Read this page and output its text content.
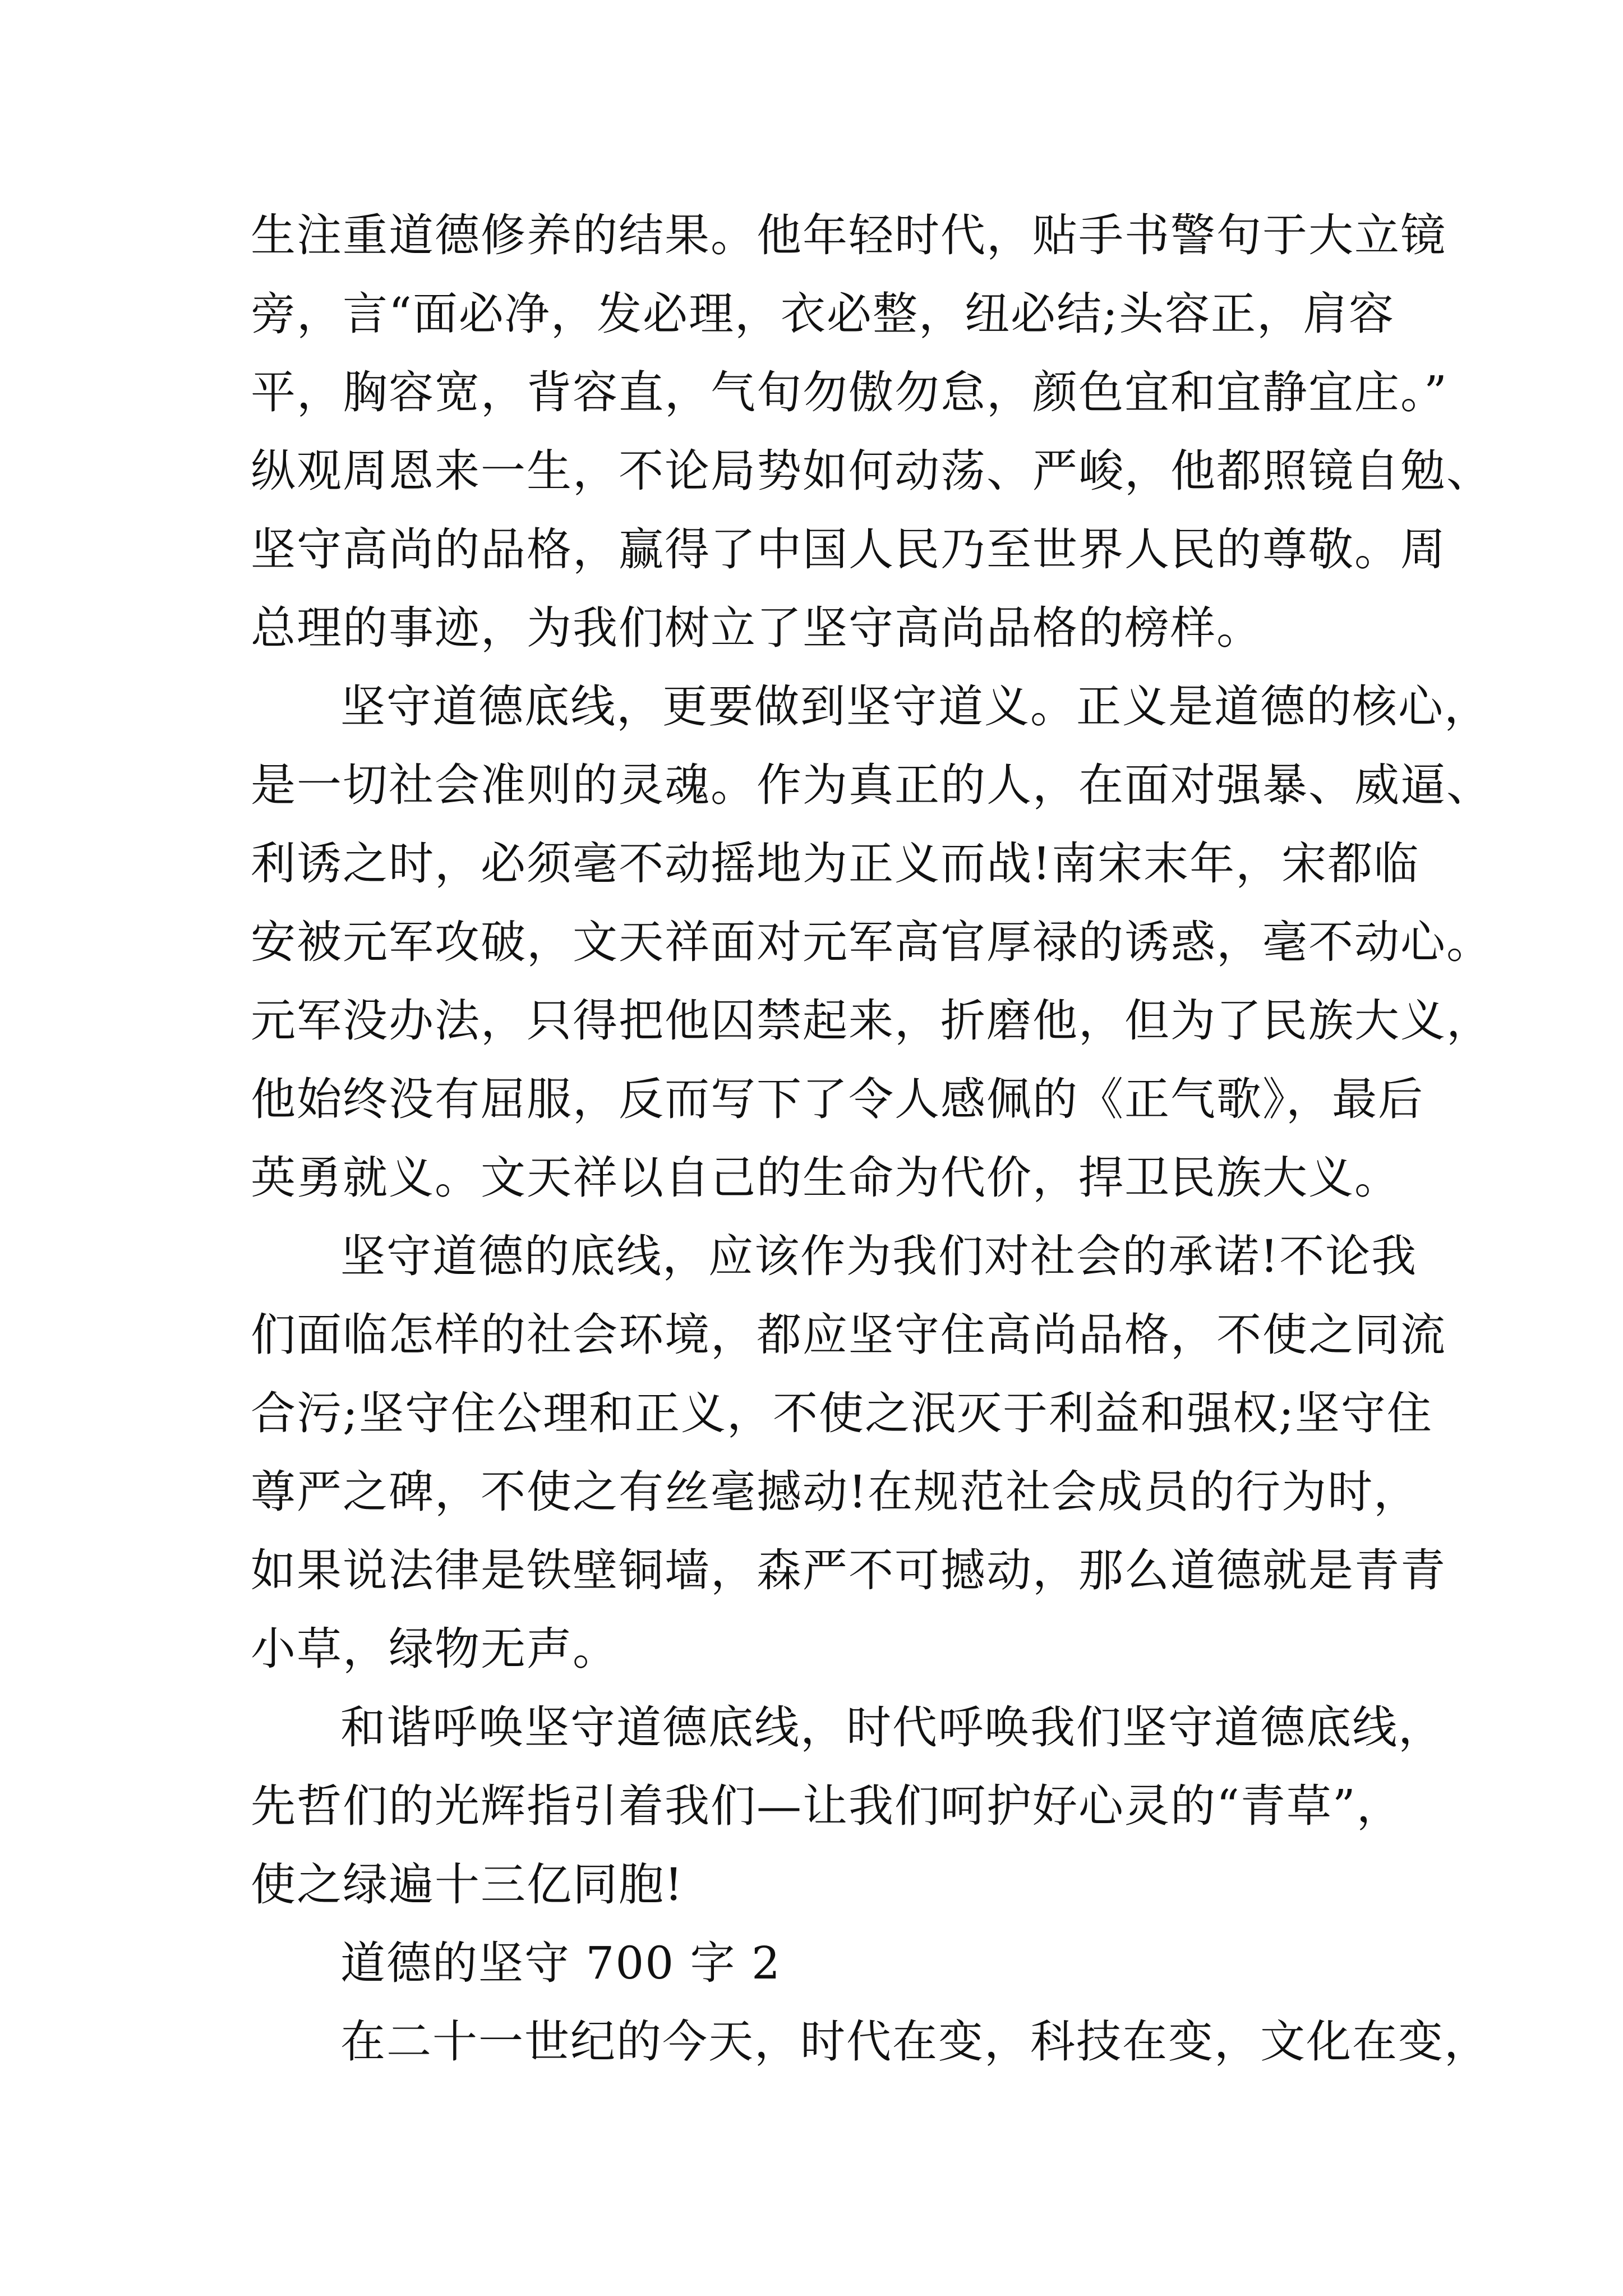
生注重道德修养的结果。他年轻时代，贴手书警句于大立镜
旁，言“面必净，发必理，衣必整，纽必结;头容正，肩容
平，胸容宽，背容直，气旬勿傲勿怠，颜色宜和宜静宜庄。”
纵观周恩来一生，不论局势如何动荡、严峻，他都照镜自勉、
坚守高尚的品格，赢得了中国人民乃至世界人民的尊敬。周
总理的事迹，为我们树立了坚守高尚品格的榜样。
坚守道德底线，更要做到坚守道义。正义是道德的核心，
是一切社会准则的灵魂。作为真正的人，在面对强暴、威逼、
利诱之时，必须毫不动摇地为正义而战!南宋末年，宋都临
安被元军攻破，文天祥面对元军高官厚禄的诱惑，毫不动心。
元军没办法，只得把他囚禁起来，折磨他，但为了民族大义，
他始终没有屈服，反而写下了令人感佩的《正气歌》，最后
英勇就义。文天祥以自己的生命为代价，捍卫民族大义。
坚守道德的底线，应该作为我们对社会的承诺!不论我
们面临怎样的社会环境，都应坚守住高尚品格，不使之同流
合污;坚守住公理和正义，不使之泯灭于利益和强权;坚守住
尊严之碑，不使之有丝毫撼动!在规范社会成员的行为时，
如果说法律是铁壁铜墙，森严不可撼动，那么道德就是青青
小草，绿物无声。
和谐呼唤坚守道德底线，时代呼唤我们坚守道德底线，
先哲们的光辉指引着我们—让我们呵护好心灵的“青草”，
使之绿遍十三亿同胞!
道德的坚守 700 字 2
在二十一世纪的今天，时代在变，科技在变，文化在变，
